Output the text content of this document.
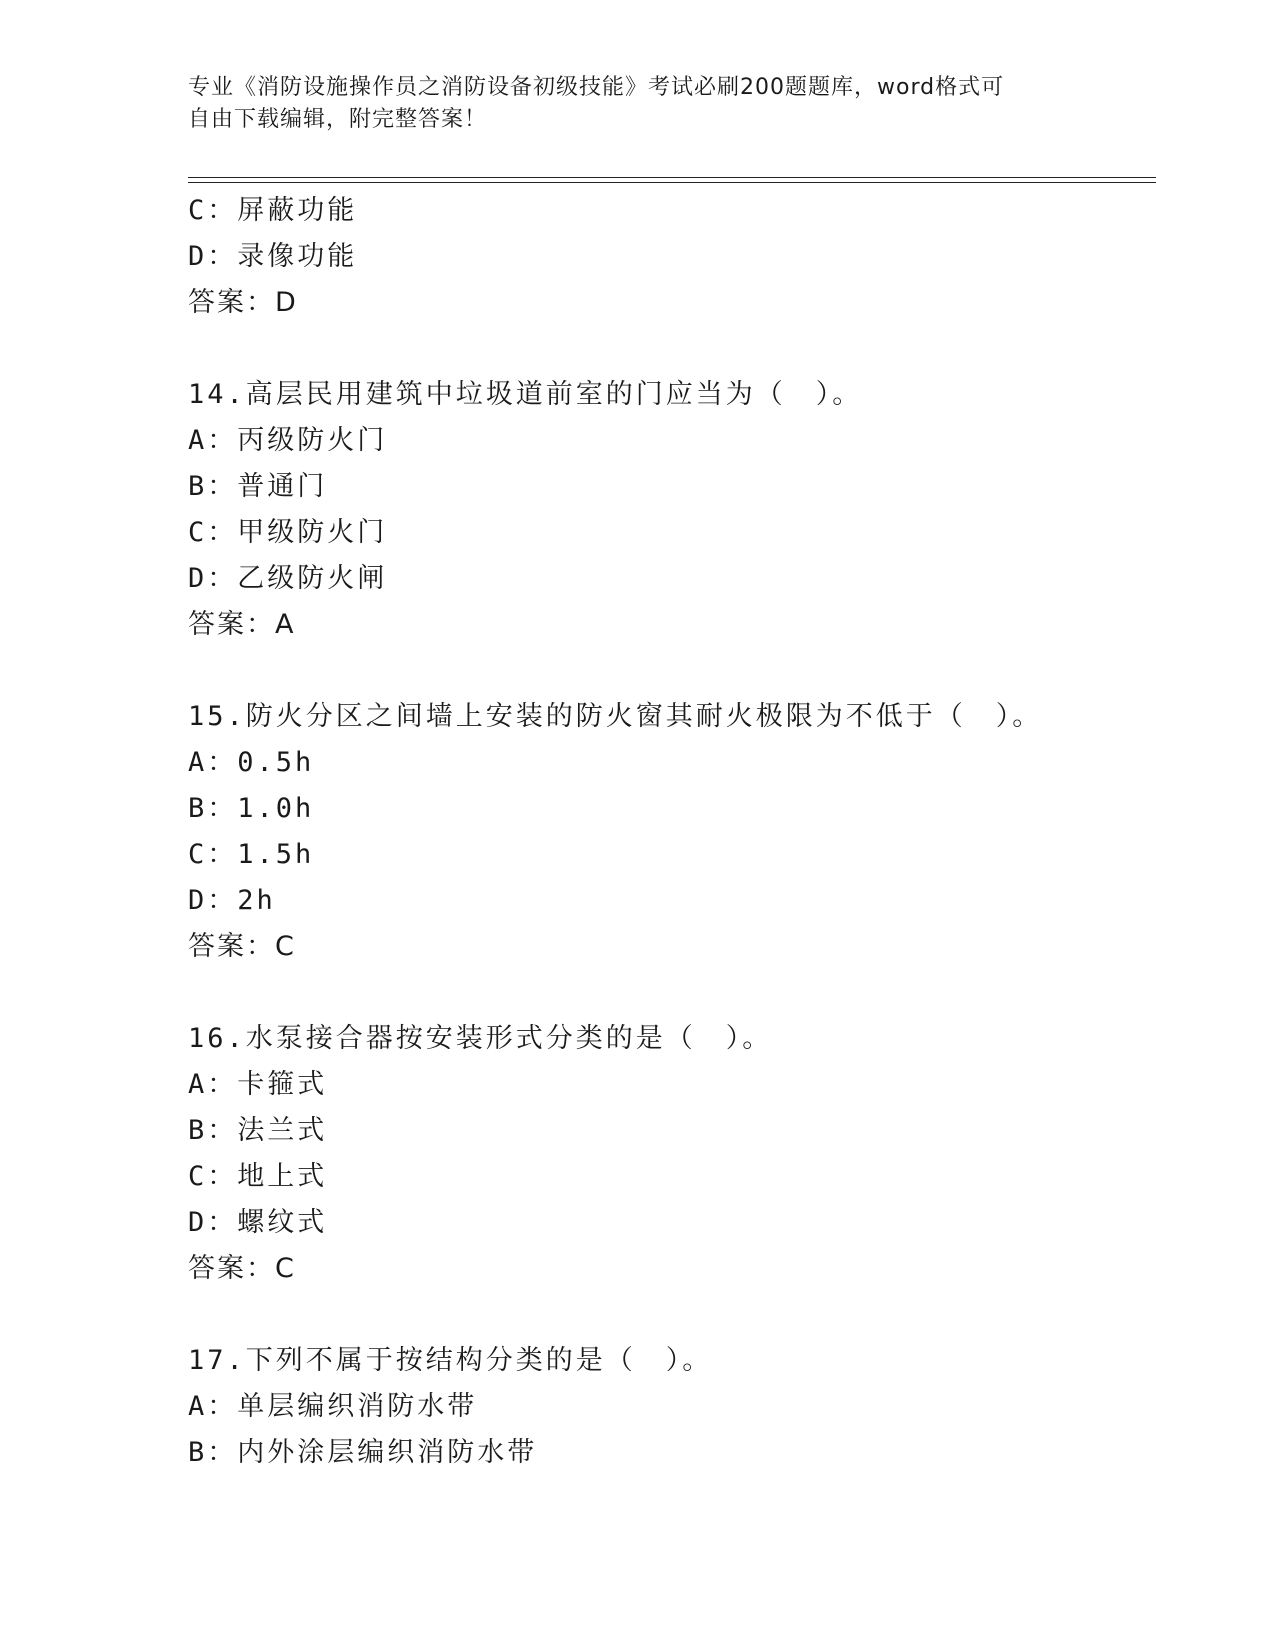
专业《消防设施操作员之消防设备初级技能》考试必刷200题题库，word格式可
自由下载编辑，附完整答案！
C：屏蔽功能
D：录像功能
答案：D
14.高层民用建筑中垃圾道前室的门应当为（　）。
A：丙级防火门
B：普通门
C：甲级防火门
D：乙级防火闸
答案：A
15.防火分区之间墙上安装的防火窗其耐火极限为不低于（　）。
A：0.5h
B：1.0h
C：1.5h
D：2h
答案：C
16.水泵接合器按安装形式分类的是（　）。
A：卡箍式
B：法兰式
C：地上式
D：螺纹式
答案：C
17.下列不属于按结构分类的是（　）。
A：单层编织消防水带
B：内外涂层编织消防水带
